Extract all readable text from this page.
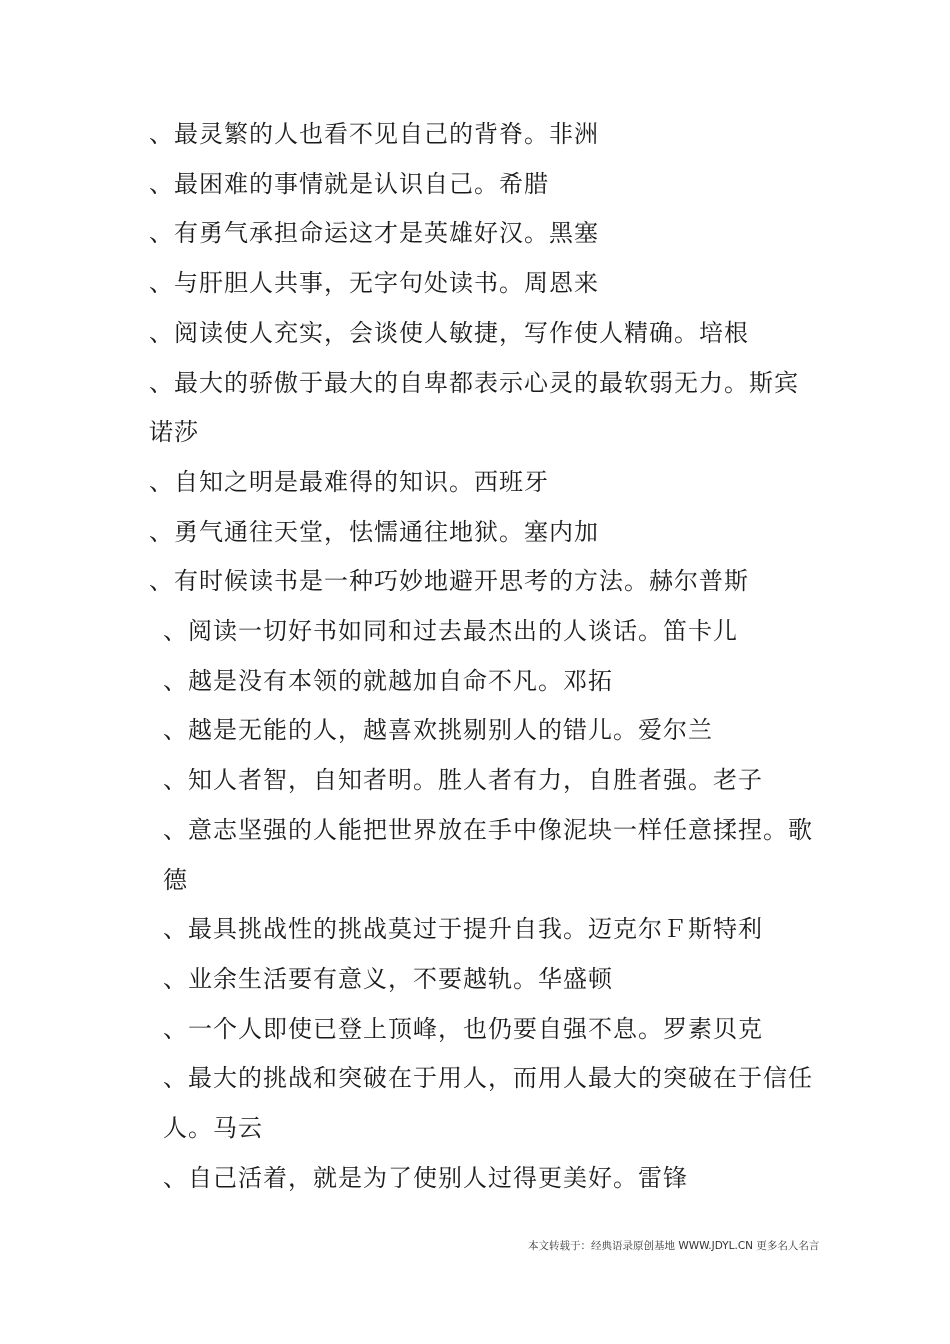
、最灵繁的人也看不见自己的背脊。非洲
、最困难的事情就是认识自己。希腊
、有勇气承担命运这才是英雄好汉。黑塞
、与肝胆人共事，无字句处读书。周恩来
、阅读使人充实，会谈使人敏捷，写作使人精确。培根
、最大的骄傲于最大的自卑都表示心灵的最软弱无力。斯宾诺莎
、自知之明是最难得的知识。西班牙
、勇气通往天堂，怯懦通往地狱。塞内加
、有时候读书是一种巧妙地避开思考的方法。赫尔普斯
、阅读一切好书如同和过去最杰出的人谈话。笛卡儿
、越是没有本领的就越加自命不凡。邓拓
、越是无能的人，越喜欢挑剔别人的错儿。爱尔兰
、知人者智，自知者明。胜人者有力，自胜者强。老子
、意志坚强的人能把世界放在手中像泥块一样任意揉捏。歌德
、最具挑战性的挑战莫过于提升自我。迈克尔Ｆ斯特利
、业余生活要有意义，不要越轨。华盛顿
、一个人即使已登上顶峰，也仍要自强不息。罗素贝克
、最大的挑战和突破在于用人，而用人最大的突破在于信任人。马云
、自己活着，就是为了使别人过得更美好。雷锋
本文转载于：经典语录原创基地 WWW.JDYL.CN 更多名人名言
